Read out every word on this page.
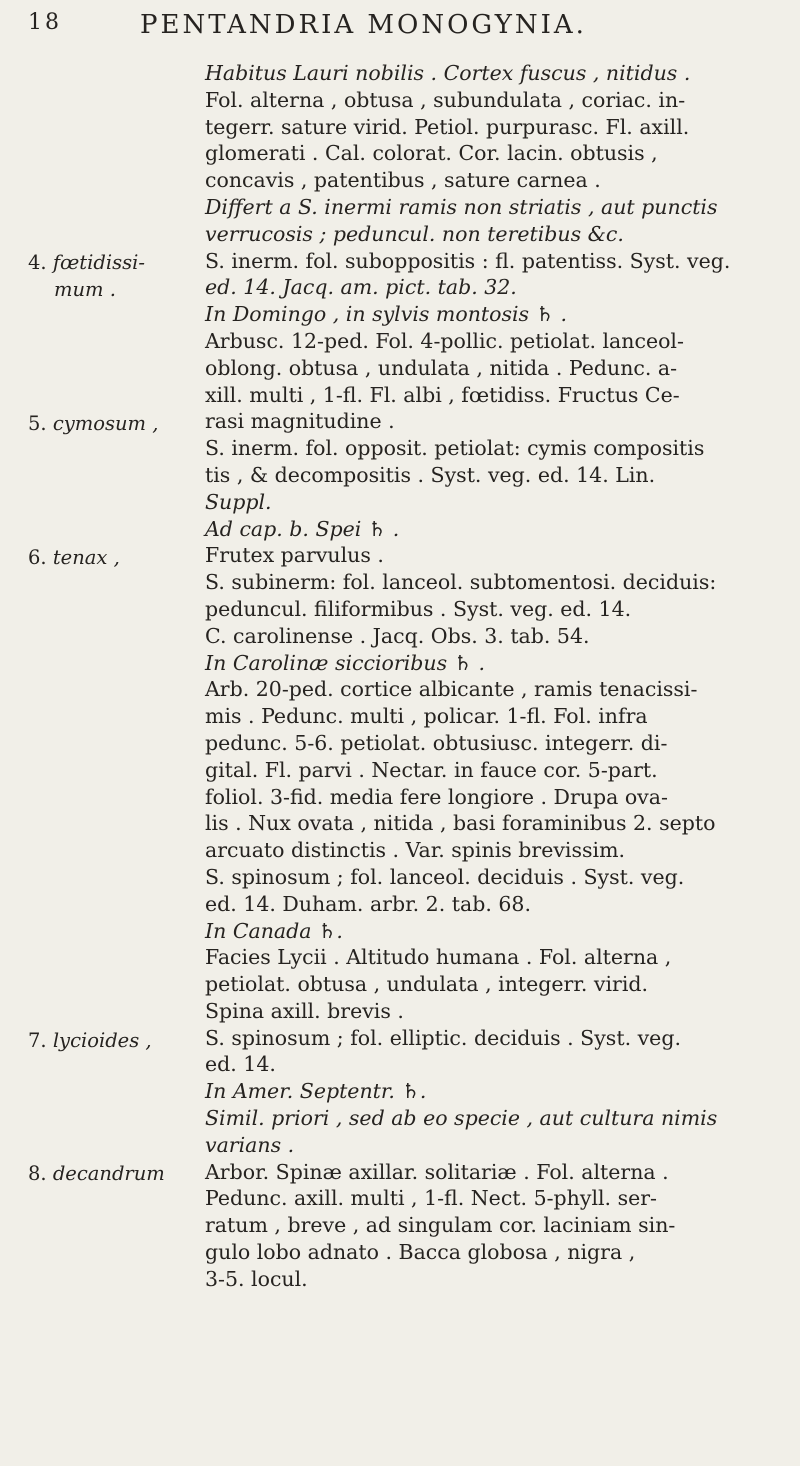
18	PENTANDRIA MONOGYNIA.
4. fœtidissi-
mum .
5. cymosum ,
6. tenax ,
7. lycioides ,
8. decandrum
Habitus Lauri nobilis . Cortex fuscus , nitidus .
Fol. alterna , obtusa , subundulata , coriac. in-
tegerr. sature virid. Petiol. purpurasc. Fl. axill.
glomerati . Cal. colorat. Cor. lacin. obtusis ,
concavis , patentibus , sature carnea .
Differt a S. inermi ramis non striatis , aut punctis
verrucosis ; peduncul. non teretibus &c.
S. inerm. fol. suboppositis : fl. patentiss. Syst. veg.
ed. 14. Jacq. am. pict. tab. 32.
In Domingo , in sylvis montosis ♄ .
Arbusc. 12-ped. Fol. 4-pollic. petiolat. lanceol-
oblong. obtusa , undulata , nitida . Pedunc. a-
xill. multi , 1-fl. Fl. albi , fœtidiss. Fructus Ce-
rasi magnitudine .
S. inerm. fol. opposit. petiolat: cymis compositis
tis , & decompositis . Syst. veg. ed. 14. Lin.
Suppl.
Ad cap. b. Spei ♄ .
Frutex parvulus .
S. subinerm: fol. lanceol. subtomentosi. deciduis:
peduncul. filiformibus . Syst. veg. ed. 14.
C. carolinense . Jacq. Obs. 3. tab. 54.
In Carolinæ siccioribus ♄ .
Arb. 20-ped. cortice albicante , ramis tenacissi-
mis . Pedunc. multi , policar. 1-fl. Fol. infra
pedunc. 5-6. petiolat. obtusiusc. integerr. di-
gital. Fl. parvi . Nectar. in fauce cor. 5-part.
foliol. 3-fid. media fere longiore . Drupa ova-
lis . Nux ovata , nitida , basi foraminibus 2. septo
arcuato distinctis . Var. spinis brevissim.
S. spinosum ; fol. lanceol. deciduis . Syst. veg.
ed. 14. Duham. arbr. 2. tab. 68.
In Canada ♄.
Facies Lycii . Altitudo humana . Fol. alterna ,
petiolat. obtusa , undulata , integerr. virid.
Spina axill. brevis .
S. spinosum ; fol. elliptic. deciduis . Syst. veg.
ed. 14.
In Amer. Septentr. ♄.
Simil. priori , sed ab eo specie , aut cultura nimis
varians .
Arbor. Spinæ axillar. solitariæ . Fol. alterna .
Pedunc. axill. multi , 1-fl. Nect. 5-phyll. ser-
ratum , breve , ad singulam cor. laciniam sin-
gulo lobo adnato . Bacca globosa , nigra ,
3-5. locul.
